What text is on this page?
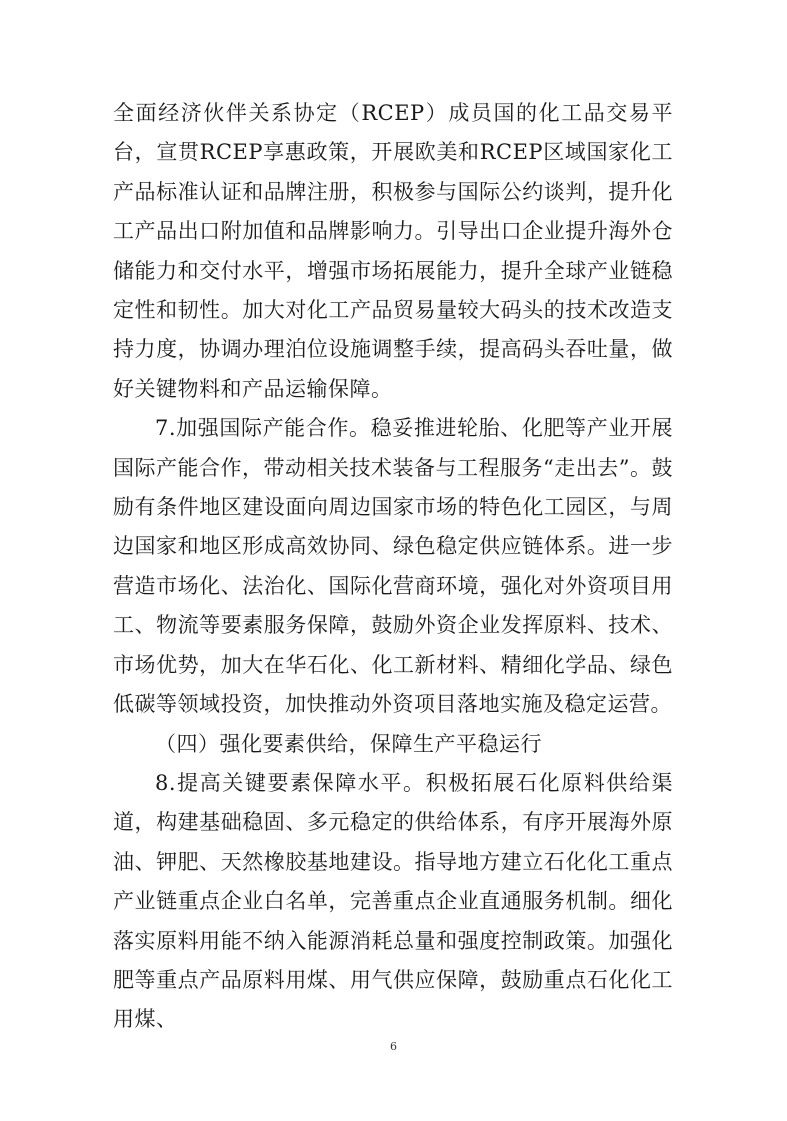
全面经济伙伴关系协定（RCEP）成员国的化工品交易平台，宣贯RCEP享惠政策，开展欧美和RCEP区域国家化工产品标准认证和品牌注册，积极参与国际公约谈判，提升化工产品出口附加值和品牌影响力。引导出口企业提升海外仓储能力和交付水平，增强市场拓展能力，提升全球产业链稳定性和韧性。加大对化工产品贸易量较大码头的技术改造支持力度，协调办理泊位设施调整手续，提高码头吞吐量，做好关键物料和产品运输保障。

7.加强国际产能合作。稳妥推进轮胎、化肥等产业开展国际产能合作，带动相关技术装备与工程服务“走出去”。鼓励有条件地区建设面向周边国家市场的特色化工园区，与周边国家和地区形成高效协同、绿色稳定供应链体系。进一步营造市场化、法治化、国际化营商环境，强化对外资项目用工、物流等要素服务保障，鼓励外资企业发挥原料、技术、市场优势，加大在华石化、化工新材料、精细化学品、绿色低碳等领域投资，加快推动外资项目落地实施及稳定运营。

（四）强化要素供给，保障生产平稳运行

8.提高关键要素保障水平。积极拓展石化原料供给渠道，构建基础稳固、多元稳定的供给体系，有序开展海外原油、钾肥、天然橡胶基地建设。指导地方建立石化化工重点产业链重点企业白名单，完善重点企业直通服务机制。细化落实原料用能不纳入能源消耗总量和强度控制政策。加强化肥等重点产品原料用煤、用气供应保障，鼓励重点石化化工用煤、

6
